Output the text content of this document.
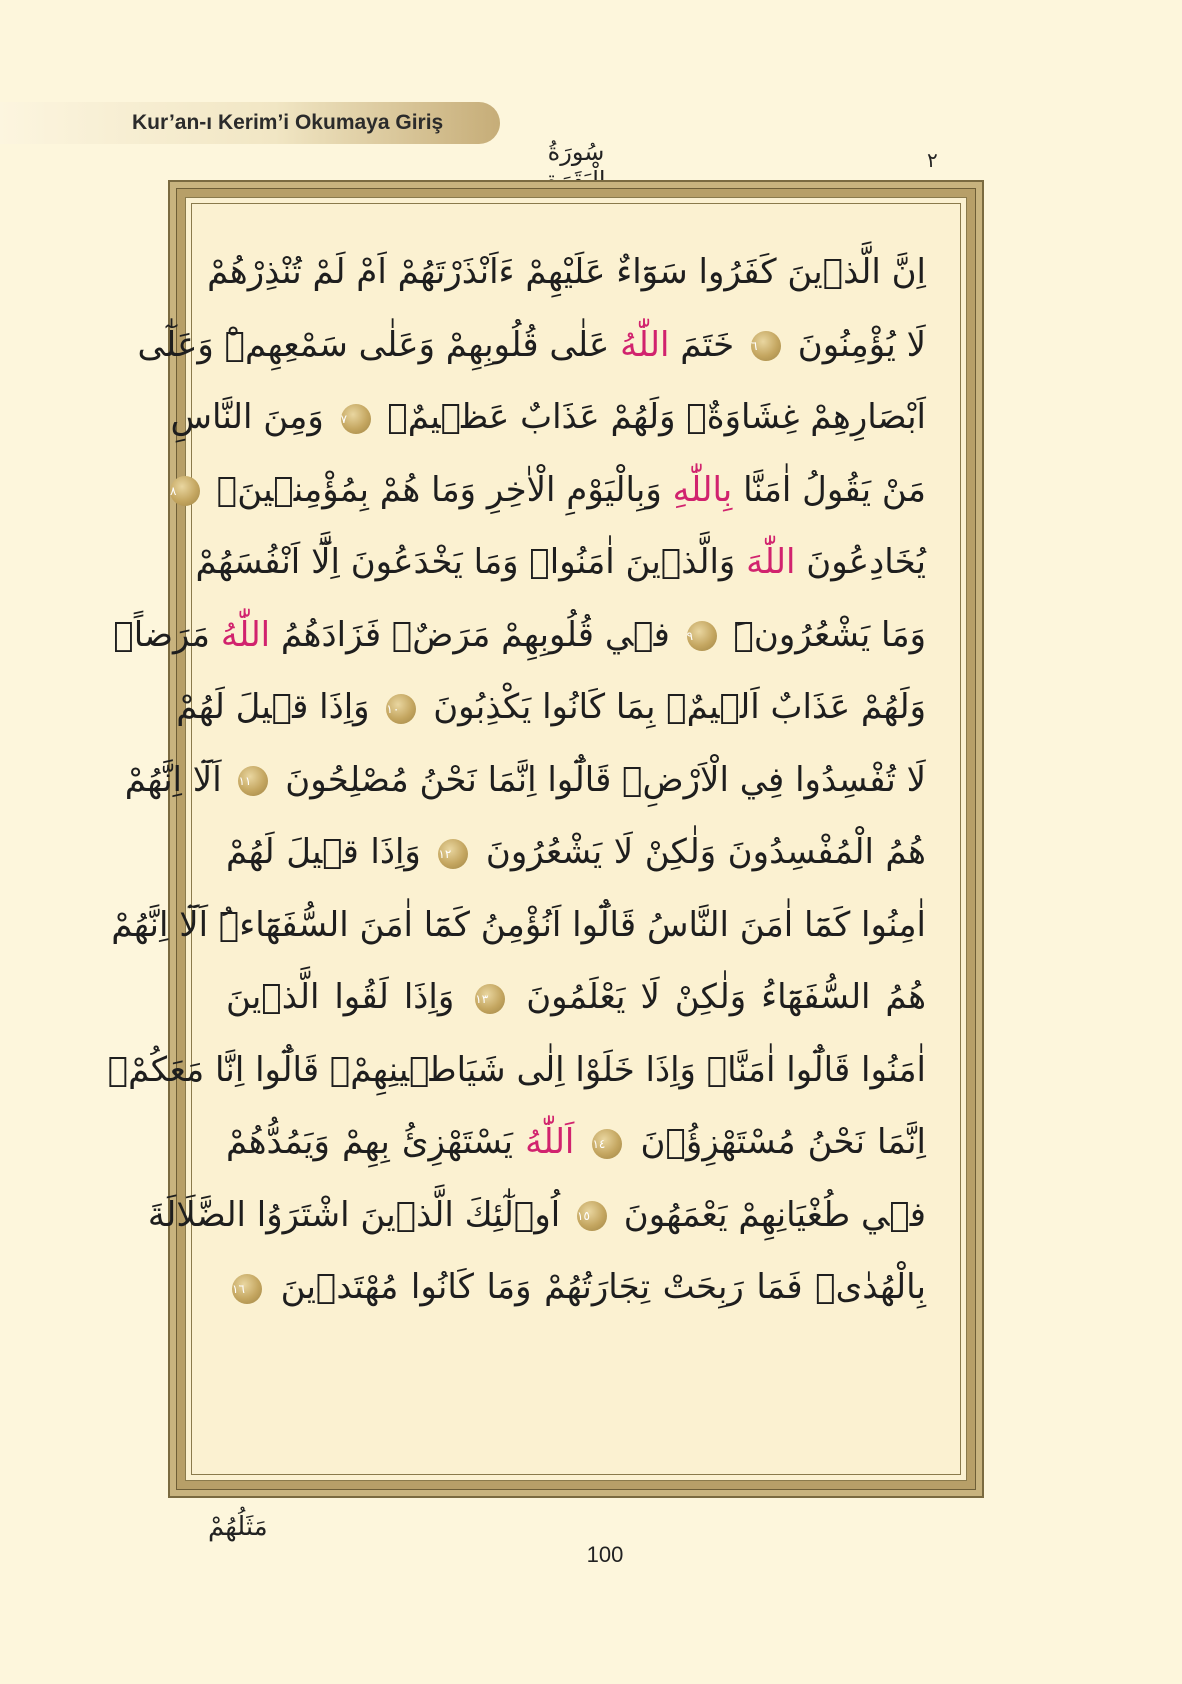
Kur’an-ı Kerim’i Okumaya Giriş
سُورَةُ	٢
اِنَّ الَّذ۪ينَ كَفَرُوا سَوَٓاءٌ عَلَيْهِمْ ءَاَنْذَرْتَهُمْ اَمْ لَمْ تُنْذِرْهُمْ
لَا يُؤْمِنُونَ ٦ خَتَمَ اللّٰهُ عَلٰى قُلُوبِهِمْ وَعَلٰى سَمْعِهِمْۜ وَعَلٰٓى
اَبْصَارِهِمْ غِشَاوَةٌۘ وَلَهُمْ عَذَابٌ عَظ۪يمٌ۟ ٧ وَمِنَ النَّاسِ
مَنْ يَقُولُ اٰمَنَّا بِاللّٰهِ وَبِالْيَوْمِ الْاٰخِرِ وَمَا هُمْ بِمُؤْمِن۪ينَۢ ٨
يُخَادِعُونَ اللّٰهَ وَالَّذ۪ينَ اٰمَنُواۚ وَمَا يَخْدَعُونَ اِلَّٓا اَنْفُسَهُمْ
وَمَا يَشْعُرُونَۜ ٩ ف۪ي قُلُوبِهِمْ مَرَضٌۙ فَزَادَهُمُ اللّٰهُ مَرَضاًۚ
وَلَهُمْ عَذَابٌ اَل۪يمٌۙ بِمَا كَانُوا يَكْذِبُونَ ١٠ وَاِذَا ق۪يلَ لَهُمْ
لَا تُفْسِدُوا فِي الْاَرْضِۙ قَالُٓوا اِنَّمَا نَحْنُ مُصْلِحُونَ ١١ اَلَٓا اِنَّهُمْ
هُمُ الْمُفْسِدُونَ وَلٰكِنْ لَا يَشْعُرُونَ ١٢ وَاِذَا ق۪يلَ لَهُمْ
اٰمِنُوا كَمَٓا اٰمَنَ النَّاسُ قَالُٓوا اَنُؤْمِنُ كَمَٓا اٰمَنَ السُّفَهَٓاءُۜ اَلَٓا اِنَّهُمْ
هُمُ السُّفَهَٓاءُ وَلٰكِنْ لَا يَعْلَمُونَ ١٣ وَاِذَا لَقُوا الَّذ۪ينَ
اٰمَنُوا قَالُٓوا اٰمَنَّاۚ وَاِذَا خَلَوْا اِلٰى شَيَاط۪ينِهِمْۙ قَالُٓوا اِنَّا مَعَكُمْۙ
اِنَّمَا نَحْنُ مُسْتَهْزِؤُ۫نَ ١٤ اَللّٰهُ يَسْتَهْزِئُ بِهِمْ وَيَمُدُّهُمْ
ف۪ي طُغْيَانِهِمْ يَعْمَهُونَ ١٥ اُو۬لٰٓئِكَ الَّذ۪ينَ اشْتَرَوُا الضَّلَالَةَ
بِالْهُدٰىۖ فَمَا رَبِحَتْ تِجَارَتُهُمْ وَمَا كَانُوا مُهْتَد۪ينَ ١٦
مَثَلُهُمْ
100
